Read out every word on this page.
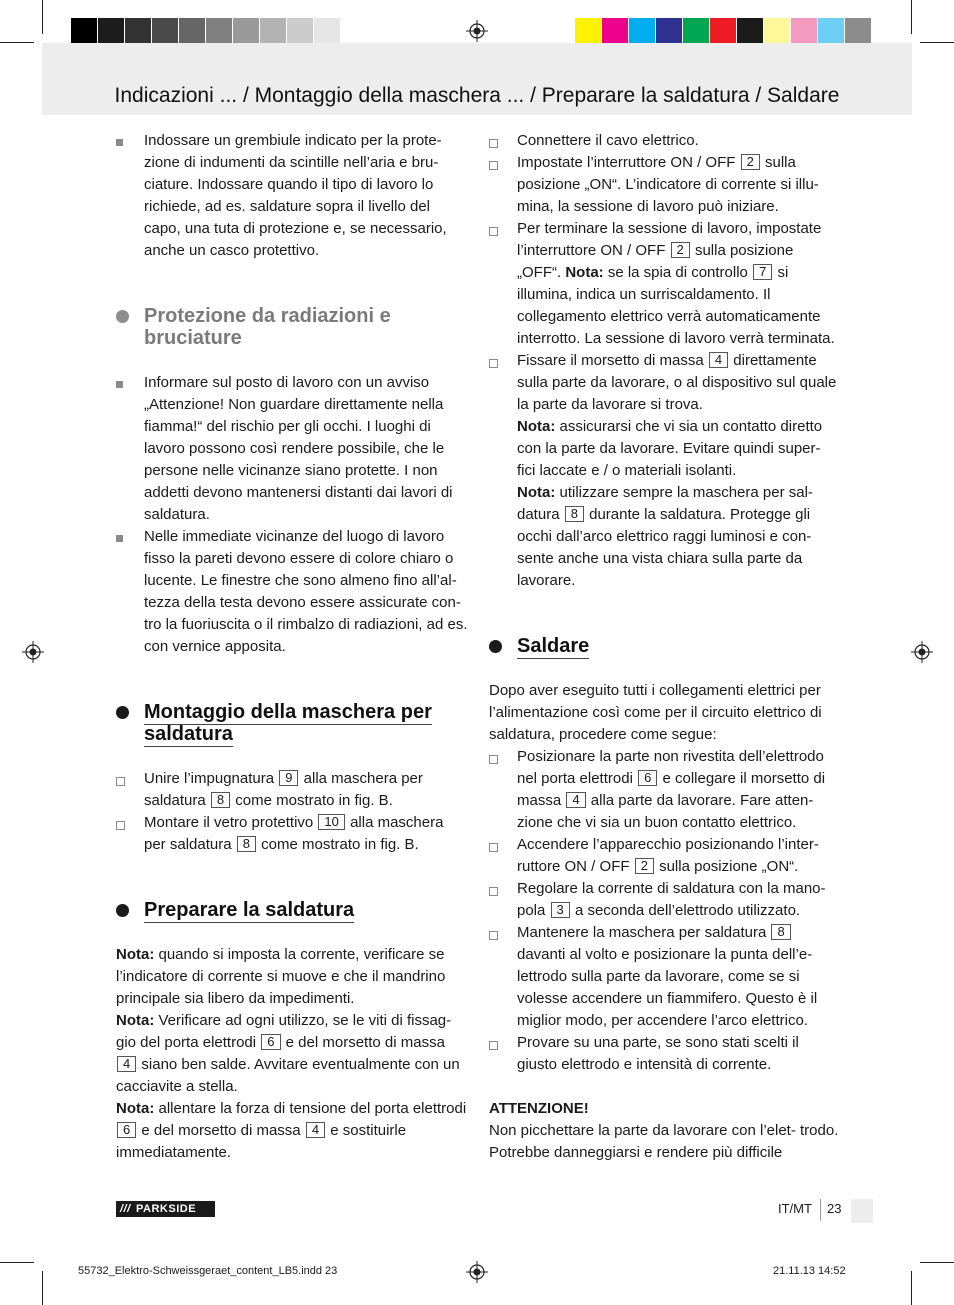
Indicazioni ... / Montaggio della maschera ... / Preparare la saldatura / Saldare
Indossare un grembiule indicato per la prote- zione di indumenti da scintille nell’aria e bru- ciature. Indossare quando il tipo di lavoro lo richiede, ad es. saldature sopra il livello del capo, una tuta di protezione e, se necessario, anche un casco protettivo.
Protezione da radiazioni e bruciature
Informare sul posto di lavoro con un avviso „Attenzione! Non guardare direttamente nella fiamma!“ del rischio per gli occhi. I luoghi di lavoro possono così rendere possibile, che le persone nelle vicinanze siano protette. I non addetti devono mantenersi distanti dai lavori di saldatura.
Nelle immediate vicinanze del luogo di lavoro fisso la pareti devono essere di colore chiaro o lucente. Le finestre che sono almeno fino all’al- tezza della testa devono essere assicurate con- tro la fuoriuscita o il rimbalzo di radiazioni, ad es. con vernice apposita.
Montaggio della maschera per saldatura
Unire l’impugnatura 9 alla maschera per saldatura 8 come mostrato in fig. B.
Montare il vetro protettivo 10 alla maschera per saldatura 8 come mostrato in fig. B.
Preparare la saldatura

Nota: quando si imposta la corrente, verificare se l’indicatore di corrente si muove e che il mandrino principale sia libero da impedimenti.

Nota: Verificare ad ogni utilizzo, se le viti di fissag- gio del porta elettrodi 6 e del morsetto di massa 4 siano ben salde. Avvitare eventualmente con un cacciavite a stella.

Nota: allentare la forza di tensione del porta elettrodi 6 e del morsetto di massa 4 e sostituirle immediatamente.

Connettere il cavo elettrico.
Impostate l’interruttore ON / OFF 2 sulla posizione „ON“. L’indicatore di corrente si illu- mina, la sessione di lavoro può iniziare.
Per terminare la sessione di lavoro, impostate l’interruttore ON / OFF 2 sulla posizione „OFF“. Nota: se la spia di controllo 7 si illumina, indica un surriscaldamento. Il collegamento elettrico verrà automaticamente interrotto. La sessione di lavoro verrà terminata.
Fissare il morsetto di massa 4 direttamente sulla parte da lavorare, o al dispositivo sul quale la parte da lavorare si trova.
Nota: assicurarsi che vi sia un contatto diretto con la parte da lavorare. Evitare quindi super- fici laccate e / o materiali isolanti.
Nota: utilizzare sempre la maschera per sal- datura 8 durante la saldatura. Protegge gli occhi dall’arco elettrico raggi luminosi e con- sente anche una vista chiara sulla parte da lavorare.
Saldare

Dopo aver eseguito tutti i collegamenti elettrici per l’alimentazione così come per il circuito elettrico di saldatura, procedere come segue:

Posizionare la parte non rivestita dell’elettrodo nel porta elettrodi 6 e collegare il morsetto di massa 4 alla parte da lavorare. Fare atten- zione che vi sia un buon contatto elettrico.
Accendere l’apparecchio posizionando l’inter- ruttore ON / OFF 2 sulla posizione „ON“.
Regolare la corrente di saldatura con la mano- pola 3 a seconda dell’elettrodo utilizzato.
Mantenere la maschera per saldatura 8 davanti al volto e posizionare la punta dell’e- lettrodo sulla parte da lavorare, come se si volesse accendere un fiammifero. Questo è il miglior modo, per accendere l’arco elettrico.
Provare su una parte, se sono stati scelti il giusto elettrodo e intensità di corrente.

ATTENZIONE!

Non picchettare la parte da lavorare con l’elet- trodo. Potrebbe danneggiarsi e rendere più difficile

/// PARKSIDE	IT/MT 23
55732_Elektro-Schweissgeraet_content_LB5.indd 23	21.11.13 14:52
